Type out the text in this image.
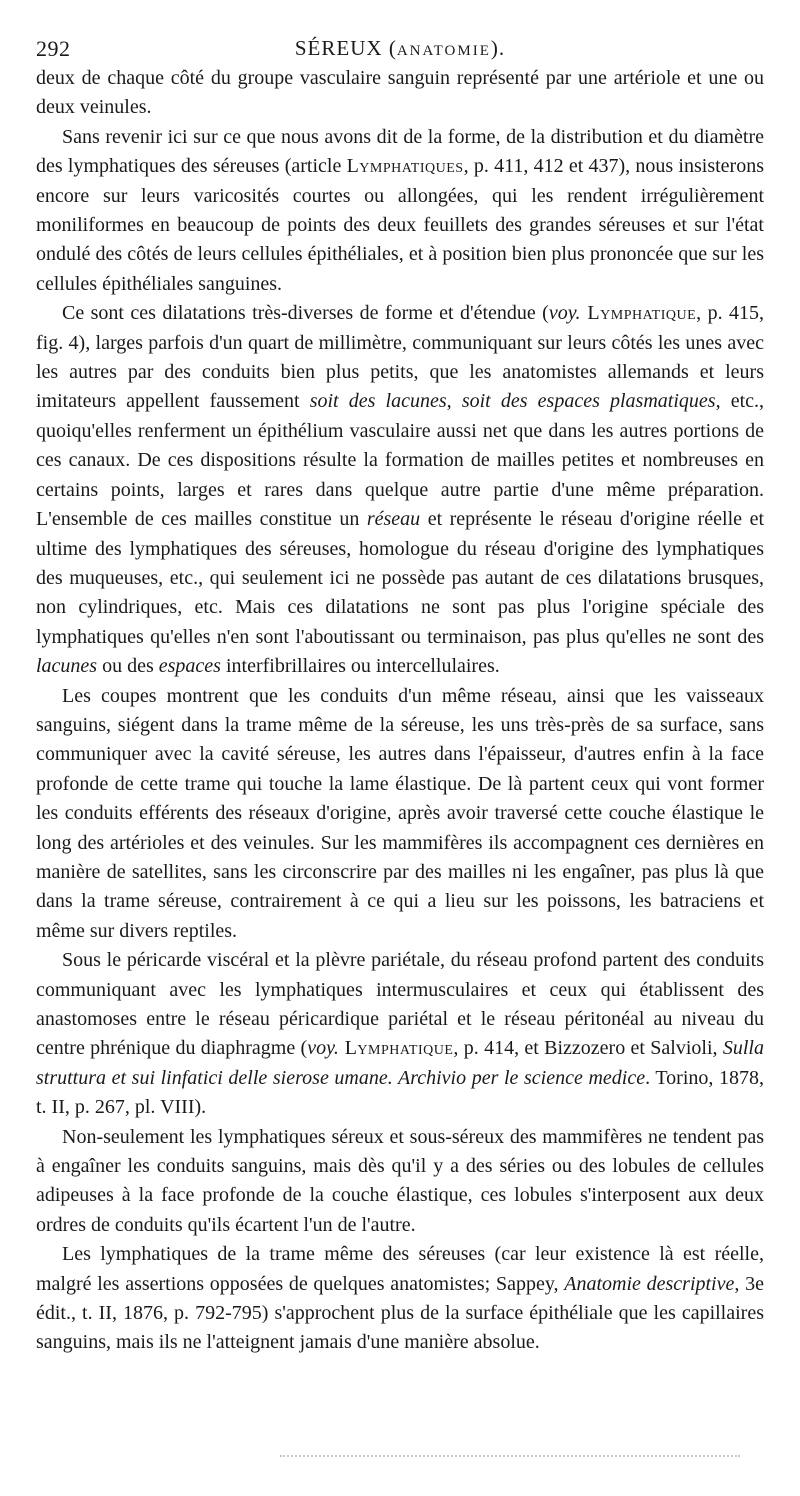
292	SÉREUX (ANATOMIE).

deux de chaque côté du groupe vasculaire sanguin représenté par une artériole et une ou deux veinules.

Sans revenir ici sur ce que nous avons dit de la forme, de la distribution et du diamètre des lymphatiques des séreuses (article Lymphatiques, p. 411, 412 et 437), nous insisterons encore sur leurs varicosités courtes ou allongées, qui les rendent irrégulièrement moniliformes en beaucoup de points des deux feuillets des grandes séreuses et sur l'état ondulé des côtés de leurs cellules épithéliales, et à position bien plus prononcée que sur les cellules épithéliales sanguines.

Ce sont ces dilatations très-diverses de forme et d'étendue (voy. Lymphatique, p. 415, fig. 4), larges parfois d'un quart de millimètre, communiquant sur leurs côtés les unes avec les autres par des conduits bien plus petits, que les anatomistes allemands et leurs imitateurs appellent faussement soit des lacunes, soit des espaces plasmatiques, etc., quoiqu'elles renferment un épithélium vasculaire aussi net que dans les autres portions de ces canaux. De ces dispositions résulte la formation de mailles petites et nombreuses en certains points, larges et rares dans quelque autre partie d'une même préparation. L'ensemble de ces mailles constitue un réseau et représente le réseau d'origine réelle et ultime des lymphatiques des séreuses, homologue du réseau d'origine des lymphatiques des muqueuses, etc., qui seulement ici ne possède pas autant de ces dilatations brusques, non cylindriques, etc. Mais ces dilatations ne sont pas plus l'origine spéciale des lymphatiques qu'elles n'en sont l'aboutissant ou terminaison, pas plus qu'elles ne sont des lacunes ou des espaces interfibrillaires ou intercellulaires.

Les coupes montrent que les conduits d'un même réseau, ainsi que les vaisseaux sanguins, siégent dans la trame même de la séreuse, les uns très-près de sa surface, sans communiquer avec la cavité séreuse, les autres dans l'épaisseur, d'autres enfin à la face profonde de cette trame qui touche la lame élastique. De là partent ceux qui vont former les conduits efférents des réseaux d'origine, après avoir traversé cette couche élastique le long des artérioles et des veinules. Sur les mammifères ils accompagnent ces dernières en manière de satellites, sans les circonscrire par des mailles ni les engaîner, pas plus là que dans la trame séreuse, contrairement à ce qui a lieu sur les poissons, les batraciens et même sur divers reptiles.

Sous le péricarde viscéral et la plèvre pariétale, du réseau profond partent des conduits communiquant avec les lymphatiques intermusculaires et ceux qui établissent des anastomoses entre le réseau péricardique pariétal et le réseau péritonéal au niveau du centre phrénique du diaphragme (voy. Lymphatique, p. 414, et Bizzozero et Salvioli, Sulla struttura et sui linfatici delle sierose umane. Archivio per le science medice. Torino, 1878, t. II, p. 267, pl. VIII).

Non-seulement les lymphatiques séreux et sous-séreux des mammifères ne tendent pas à engaîner les conduits sanguins, mais dès qu'il y a des séries ou des lobules de cellules adipeuses à la face profonde de la couche élastique, ces lobules s'interposent aux deux ordres de conduits qu'ils écartent l'un de l'autre.

Les lymphatiques de la trame même des séreuses (car leur existence là est réelle, malgré les assertions opposées de quelques anatomistes; Sappey, Anatomie descriptive, 3e édit., t. II, 1876, p. 792-795) s'approchent plus de la surface épithéliale que les capillaires sanguins, mais ils ne l'atteignent jamais d'une manière absolue.
